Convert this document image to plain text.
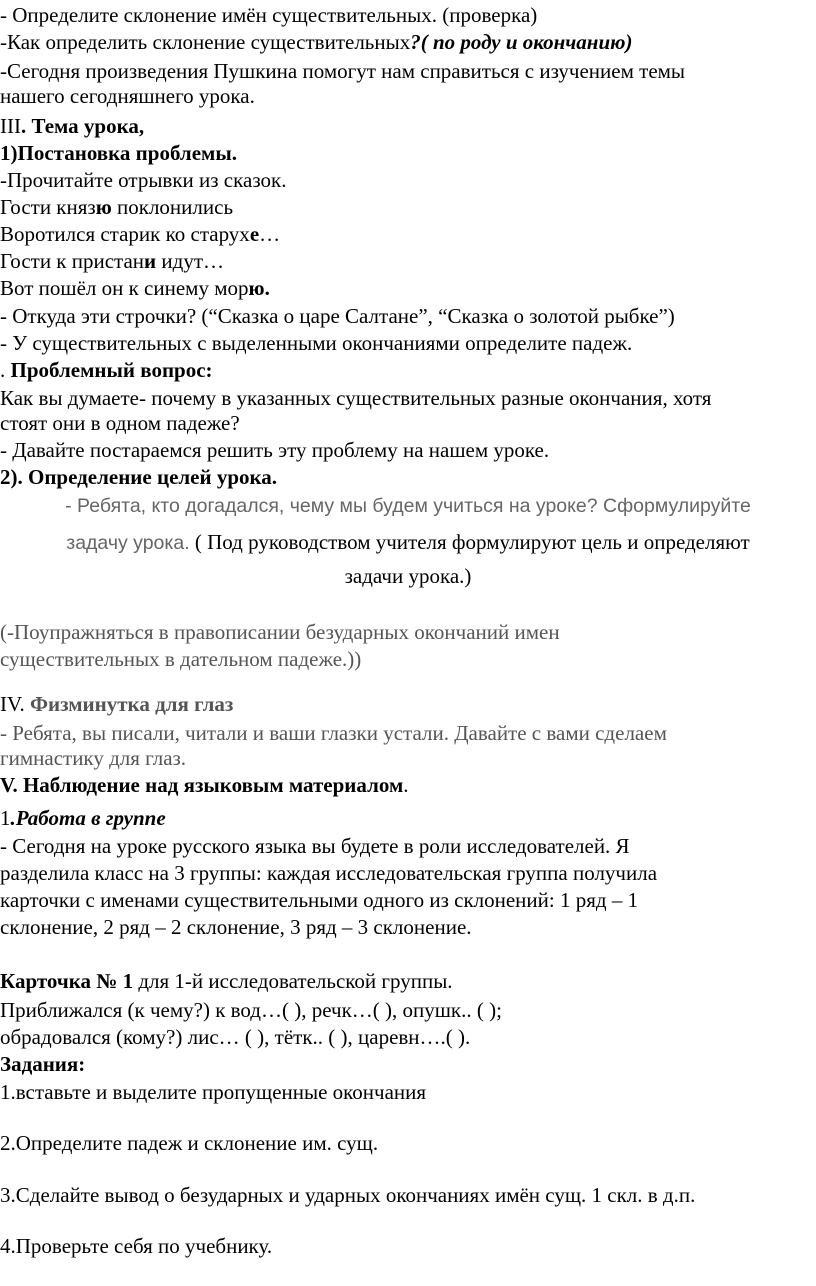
- Определите склонение имён существительных. (проверка)
-Как определить склонение существительных?( по роду и окончанию)
-Сегодня произведения Пушкина помогут нам справиться с изучением темы
нашего сегодняшнего урока.
III. Тема урока,
1)Постановка проблемы.
-Прочитайте отрывки из сказок.
Гости князю поклонились
Воротился старик ко старухе…
Гости к пристани идут…
Вот пошёл он к синему морю.
- Откуда эти строчки? (“Сказка о царе Салтане”, “Сказка о золотой рыбке”)
- У существительных с выделенными окончаниями определите падеж.
. Проблемный вопрос:
Как вы думаете- почему в указанных существительных разные окончания, хотя
стоят они в одном падеже?
- Давайте постараемся решить эту проблему на нашем уроке.
2). Определение целей урока.
- Ребята, кто догадался, чему мы будем учиться на уроке? Сформулируйте
задачу урока. ( Под руководством учителя формулируют цель и определяют
задачи урока.)
(-Поупражняться в правописании безударных окончаний имен
существительных в дательном падеже.))
IV. Физминутка для глаз
- Ребята, вы писали, читали и ваши глазки устали. Давайте с вами сделаем
гимнастику для глаз.
V. Наблюдение над языковым материалом.
1.Работа в группе
- Сегодня на уроке русского языка вы будете в роли исследователей. Я
разделила класс на 3 группы: каждая исследовательская группа получила
карточки с именами существительными одного из склонений: 1 ряд – 1
склонение, 2 ряд – 2 склонение, 3 ряд – 3 склонение.
Карточка № 1 для 1-й исследовательской группы.
Приближался (к чему?) к вод…( ), речк…( ), опушк.. ( );
обрадовался (кому?) лис… ( ), тётк.. ( ), царевн….( ).
Задания:
1.вставьте и выделите пропущенные окончания
2.Определите падеж и склонение им. сущ.
3.Сделайте вывод о безударных и ударных окончаниях имён сущ. 1 скл. в д.п.
4.Проверьте себя по учебнику.
